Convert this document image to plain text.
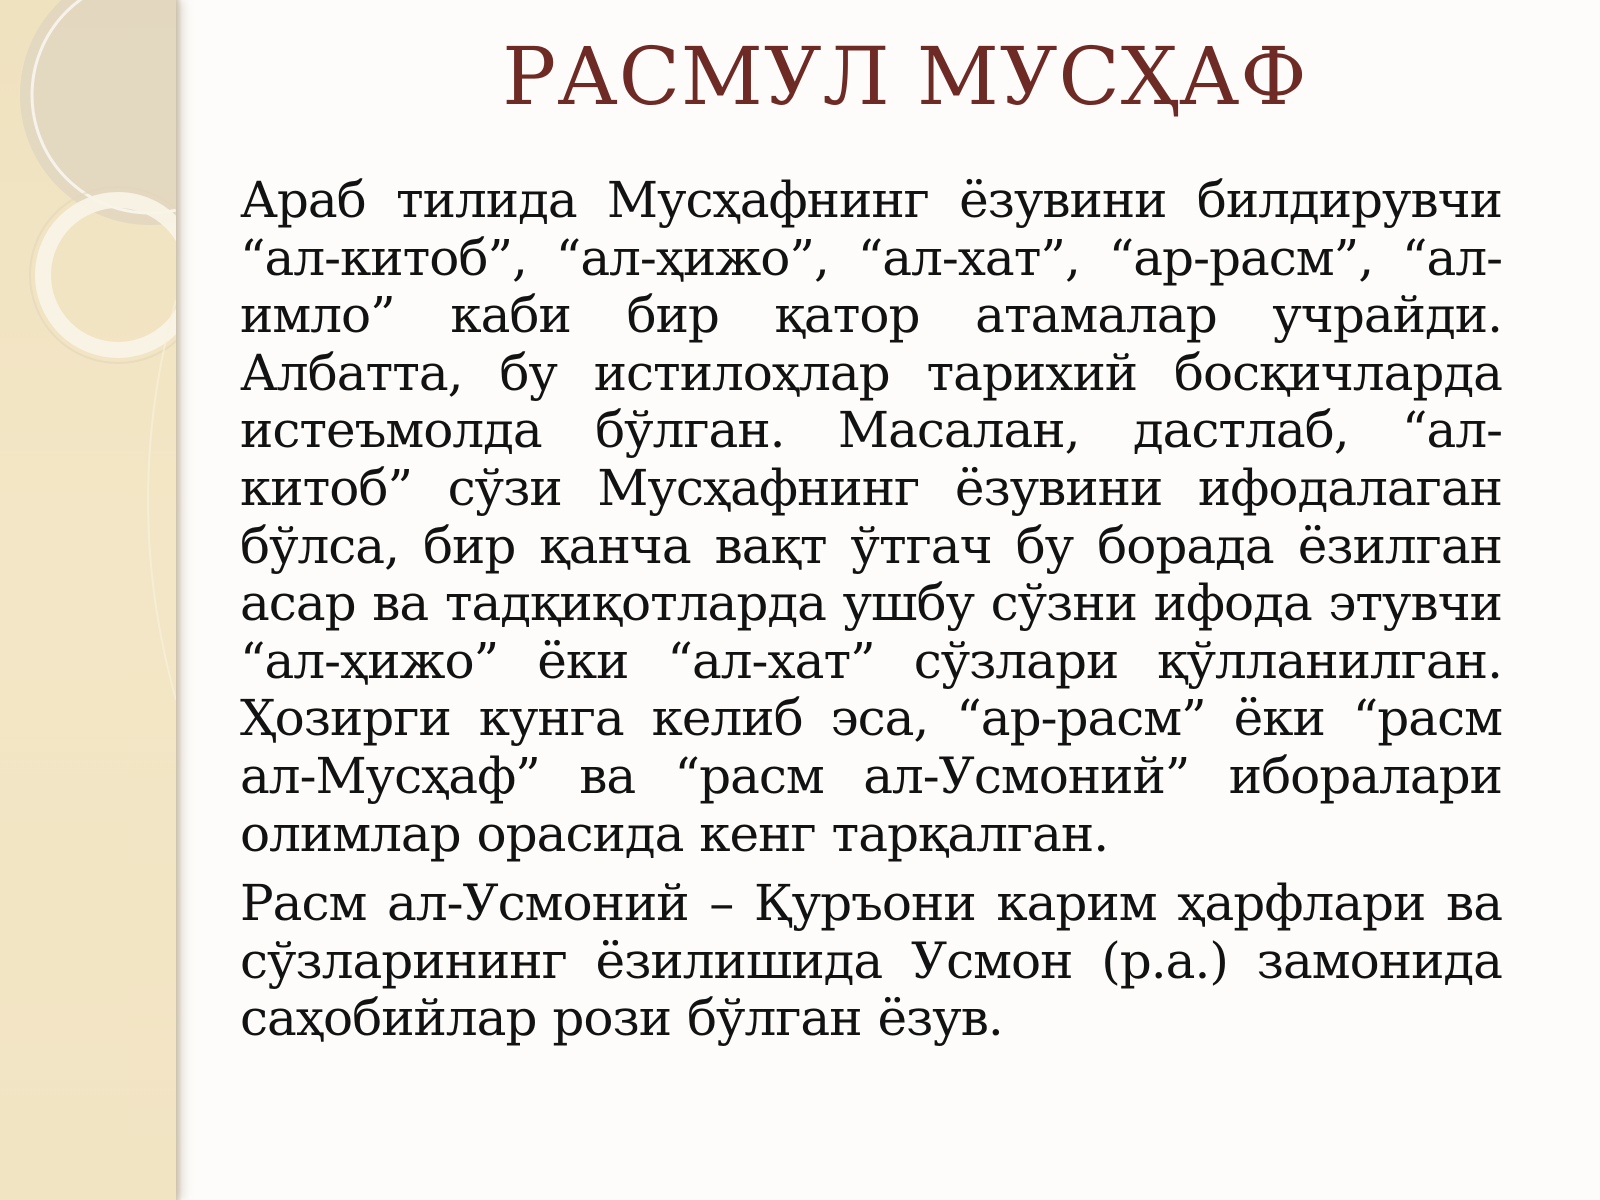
РАСМУЛ МУСҲАФ

Араб тилида Мусҳафнинг ёзувини билдирувчи “ал-китоб”, “ал-ҳижо”, “ал-хат”, “ар-расм”, “ал-имло” каби бир қатор атамалар учрайди. Албатта, бу истилоҳлар тарихий босқичларда истеъмолда бўлган. Масалан, дастлаб, “ал-китоб” сўзи Мусҳафнинг ёзувини ифодалаган бўлса, бир қанча вақт ўтгач бу борада ёзилган асар ва тадқиқотларда ушбу сўзни ифода этувчи “ал-ҳижо” ёки “ал-хат” сўзлари қўлланилган. Ҳозирги кунга келиб эса, “ар-расм” ёки “расм ал-Мусҳаф” ва “расм ал-Усмоний” иборалари олимлар орасида кенг тарқалган.

Расм ал-Усмоний – Қуръони карим ҳарфлари ва сўзларининг ёзилишида Усмон (р.а.) замонида саҳобийлар рози бўлган ёзув.
